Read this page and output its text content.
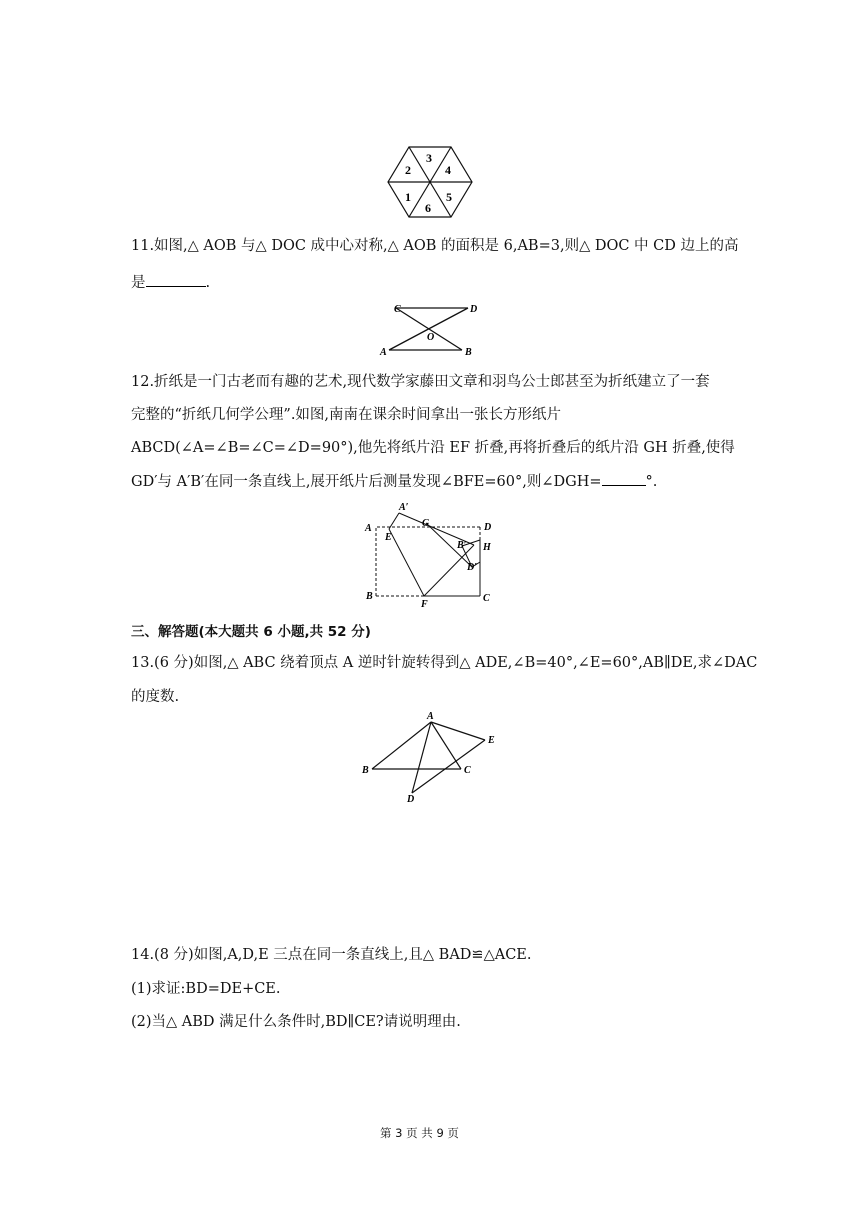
1
2
3
4
5
6
11.如图,△ AOB 与△ DOC 成中心对称,△ AOB 的面积是 6,AB=3,则△ DOC 中 CD 边上的高
是	.
C	D
O
A	B
12.折纸是一门古老而有趣的艺术,现代数学家藤田文章和羽鸟公士郎甚至为折纸建立了一套
完整的“折纸几何学公理”.如图,南南在课余时间拿出一张长方形纸片
ABCD(∠A=∠B=∠C=∠D=90°),他先将纸片沿 EF 折叠,再将折叠后的纸片沿 GH 折叠,使得
GD′与 A′B′在同一条直线上,展开纸片后测量发现∠BFE=60°,则∠DGH=	°.
A′
A
E
G	D
B′ H
D′
B
F
C
三、解答题(本大题共 6 小题,共 52 分)
13.(6 分)如图,△ ABC 绕着顶点 A 逆时针旋转得到△ ADE,∠B=40°,∠E=60°,AB∥DE,求∠DAC
的度数.
A
E
B	C
D
14.(8 分)如图,A,D,E 三点在同一条直线上,且△ BAD≌△ACE.
(1)求证:BD=DE+CE.
(2)当△ ABD 满足什么条件时,BD∥CE?请说明理由.
第 3 页 共 9 页
